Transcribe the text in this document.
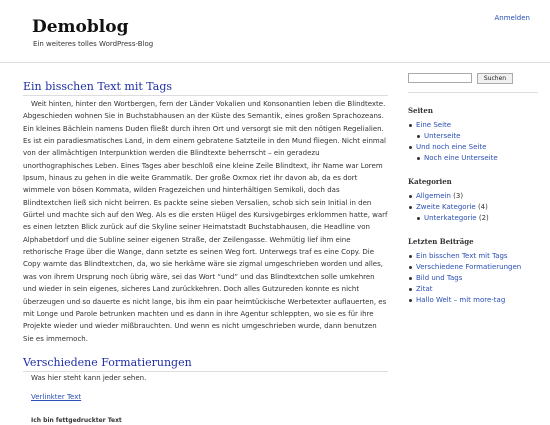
Demoblog
Ein weiteres tolles WordPress-Blog
Anmelden
Ein bisschen Text mit Tags

Weit hinten, hinter den Wortbergen, fern der Länder Vokalien und Konsonantien leben die Blindtexte. Abgeschieden wohnen Sie in Buchstabhausen an der Küste des Semantik, eines großen Sprachozeans. Ein kleines Bächlein namens Duden fließt durch ihren Ort und versorgt sie mit den nötigen Regelialien. Es ist ein paradiesmatisches Land, in dem einem gebratene Satzteile in den Mund fliegen. Nicht einmal von der allmächtigen Interpunktion werden die Blindtexte beherrscht – ein geradezu unorthographisches Leben. Eines Tages aber beschloß eine kleine Zeile Blindtext, ihr Name war Lorem Ipsum, hinaus zu gehen in die weite Grammatik. Der große Oxmox riet ihr davon ab, da es dort wimmele von bösen Kommata, wilden Fragezeichen und hinterhältigen Semikoli, doch das Blindtextchen ließ sich nicht beirren. Es packte seine sieben Versalien, schob sich sein Initial in den Gürtel und machte sich auf den Weg. Als es die ersten Hügel des Kursivgebirges erklommen hatte, warf es einen letzten Blick zurück auf die Skyline seiner Heimatstadt Buchstabhausen, die Headline von Alphabetdorf und die Subline seiner eigenen Straße, der Zeilengasse. Wehmütig lief ihm eine rethorische Frage über die Wange, dann setzte es seinen Weg fort. Unterwegs traf es eine Copy. Die Copy warnte das Blindtextchen, da, wo sie herkäme wäre sie zigmal umgeschrieben worden und alles, was von ihrem Ursprung noch übrig wäre, sei das Wort “und” und das Blindtextchen solle umkehren und wieder in sein eigenes, sicheres Land zurückkehren. Doch alles Gutzureden konnte es nicht überzeugen und so dauerte es nicht lange, bis ihm ein paar heimtückische Werbetexter auflauerten, es mit Longe und Parole betrunken machten und es dann in ihre Agentur schleppten, wo sie es für ihre Projekte wieder und wieder mißbrauchten. Und wenn es nicht umgeschrieben wurde, dann benutzen Sie es immernoch.

Verschiedene Formatierungen
Was hier steht kann jeder sehen.
Verlinkter Text
Ich bin fettgedruckter Text
Suchen
Seiten
Eine Seite
Unterseite
Und noch eine Seite
Noch eine Unterseite
Kategorien
Allgemein (3)
Zweite Kategorie (4)
Unterkategorie (2)
Letzten Beiträge
Ein bisschen Text mit Tags
Verschiedene Formatierungen
Bild und Tags
Zitat
Hallo Welt – mit more-tag
